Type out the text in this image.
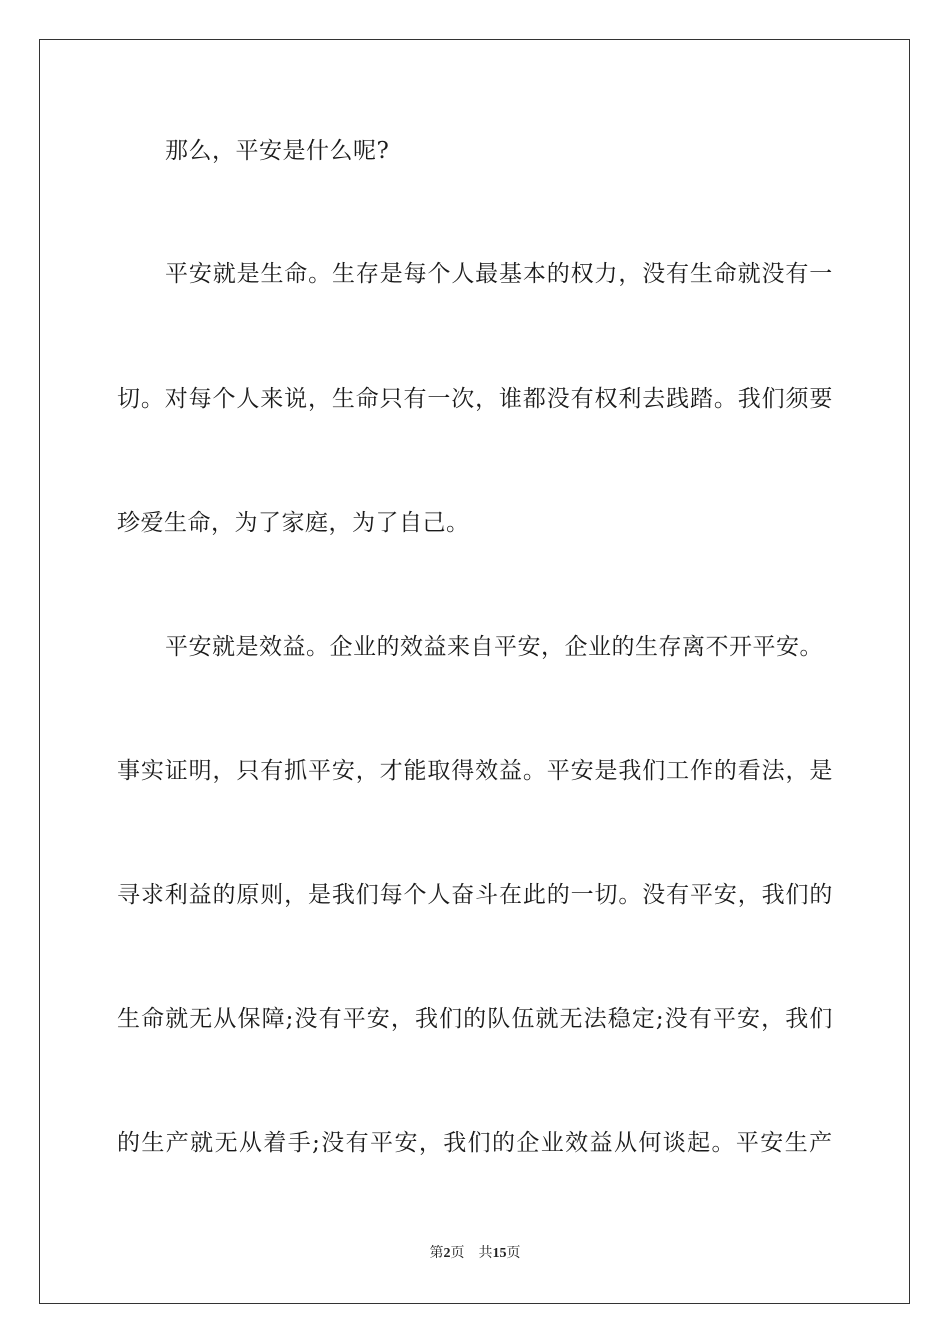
那么，平安是什么呢?
平 安 就 是 生 命 。 生 存 是 每 个 人 最 基 本 的 权 力 ， 没 有 生 命 就 没 有 一
切 。 对 每 个 人 来 说 ， 生 命 只 有 一 次 ， 谁 都 没 有 权 利 去 践 踏 。 我 们 须 要
珍爱生命，为了家庭，为了自己。
平安就是效益。企业的效益来自平安，企业的生存离不开平安。
事 实 证 明 ， 只 有 抓 平 安 ， 才 能 取 得 效 益 。 平 安 是 我 们 工 作 的 看 法 ， 是
寻 求 利 益 的 原 则 ， 是 我 们 每 个 人 奋 斗 在 此 的 一 切 。 没 有 平 安 ， 我 们 的
生 命 就 无 从 保 障 ; 没 有 平 安 ， 我 们 的 队 伍 就 无 法 稳 定 ; 没 有 平 安 ， 我 们
的 生 产 就 无 从 着 手 ; 没 有 平 安 ， 我 们 的 企 业 效 益 从 何 谈 起 。 平 安 生 产
第2页 共15页
